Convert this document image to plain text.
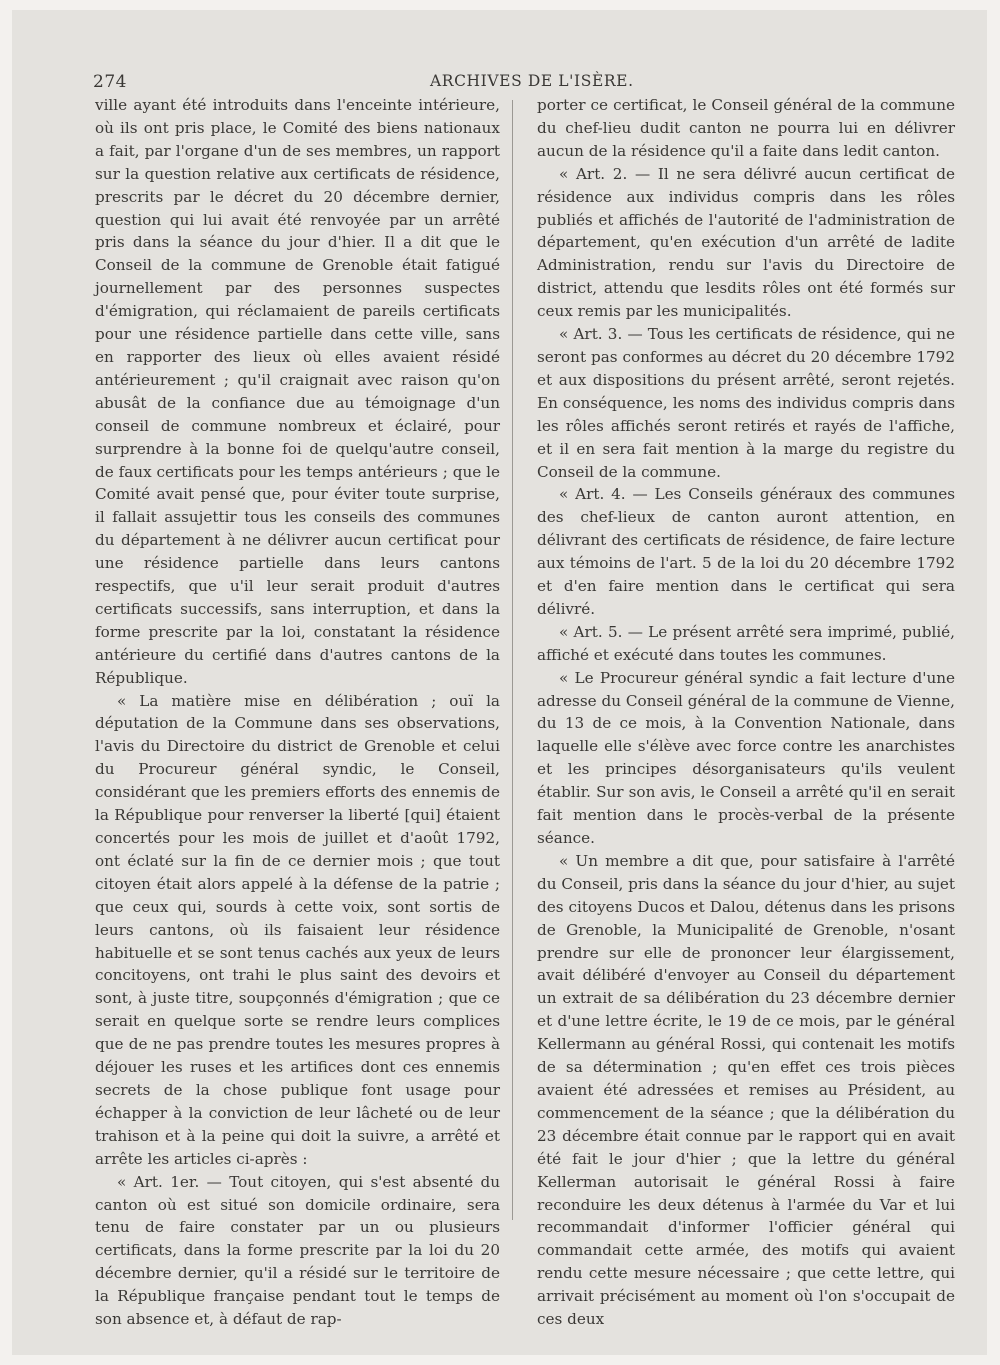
274	ARCHIVES DE L'ISÈRE.

ville ayant été introduits dans l'enceinte intérieure, où ils ont pris place, le Comité des biens nationaux a fait, par l'organe d'un de ses membres, un rapport sur la question relative aux certificats de résidence, prescrits par le décret du 20 décembre dernier, question qui lui avait été renvoyée par un arrêté pris dans la séance du jour d'hier. Il a dit que le Conseil de la commune de Grenoble était fatigué journellement par des personnes suspectes d'émigration, qui réclamaient de pareils certificats pour une résidence partielle dans cette ville, sans en rapporter des lieux où elles avaient résidé antérieurement ; qu'il craignait avec raison qu'on abusât de la confiance due au témoignage d'un conseil de commune nombreux et éclairé, pour surprendre à la bonne foi de quelqu'autre conseil, de faux certificats pour les temps antérieurs ; que le Comité avait pensé que, pour éviter toute surprise, il fallait assujettir tous les conseils des communes du département à ne délivrer aucun certificat pour une résidence partielle dans leurs cantons respectifs, que u'il leur serait produit d'autres certificats successifs, sans interruption, et dans la forme prescrite par la loi, constatant la résidence antérieure du certifié dans d'autres cantons de la République.

« La matière mise en délibération ; ouï la députation de la Commune dans ses observations, l'avis du Directoire du district de Grenoble et celui du Procureur général syndic, le Conseil, considérant que les premiers efforts des ennemis de la République pour renverser la liberté [qui] étaient concertés pour les mois de juillet et d'août 1792, ont éclaté sur la fin de ce dernier mois ; que tout citoyen était alors appelé à la défense de la patrie ; que ceux qui, sourds à cette voix, sont sortis de leurs cantons, où ils faisaient leur résidence habituelle et se sont tenus cachés aux yeux de leurs concitoyens, ont trahi le plus saint des devoirs et sont, à juste titre, soupçonnés d'émigration ; que ce serait en quelque sorte se rendre leurs complices que de ne pas prendre toutes les mesures propres à déjouer les ruses et les artifices dont ces ennemis secrets de la chose publique font usage pour échapper à la conviction de leur lâcheté ou de leur trahison et à la peine qui doit la suivre, a arrêté et arrête les articles ci-après :

« Art. 1er. — Tout citoyen, qui s'est absenté du canton où est situé son domicile ordinaire, sera tenu de faire constater par un ou plusieurs certificats, dans la forme prescrite par la loi du 20 décembre dernier, qu'il a résidé sur le territoire de la République française pendant tout le temps de son absence et, à défaut de rap-

porter ce certificat, le Conseil général de la commune du chef-lieu dudit canton ne pourra lui en délivrer aucun de la résidence qu'il a faite dans ledit canton.

« Art. 2. — Il ne sera délivré aucun certificat de résidence aux individus compris dans les rôles publiés et affichés de l'autorité de l'administration de département, qu'en exécution d'un arrêté de ladite Administration, rendu sur l'avis du Directoire de district, attendu que lesdits rôles ont été formés sur ceux remis par les municipalités.

« Art. 3. — Tous les certificats de résidence, qui ne seront pas conformes au décret du 20 décembre 1792 et aux dispositions du présent arrêté, seront rejetés. En conséquence, les noms des individus compris dans les rôles affichés seront retirés et rayés de l'affiche, et il en sera fait mention à la marge du registre du Conseil de la commune.

« Art. 4. — Les Conseils généraux des communes des chef-lieux de canton auront attention, en délivrant des certificats de résidence, de faire lecture aux témoins de l'art. 5 de la loi du 20 décembre 1792 et d'en faire mention dans le certificat qui sera délivré.

« Art. 5. — Le présent arrêté sera imprimé, publié, affiché et exécuté dans toutes les communes.

« Le Procureur général syndic a fait lecture d'une adresse du Conseil général de la commune de Vienne, du 13 de ce mois, à la Convention Nationale, dans laquelle elle s'élève avec force contre les anarchistes et les principes désorganisateurs qu'ils veulent établir. Sur son avis, le Conseil a arrêté qu'il en serait fait mention dans le procès-verbal de la présente séance.

« Un membre a dit que, pour satisfaire à l'arrêté du Conseil, pris dans la séance du jour d'hier, au sujet des citoyens Ducos et Dalou, détenus dans les prisons de Grenoble, la Municipalité de Grenoble, n'osant prendre sur elle de prononcer leur élargissement, avait délibéré d'envoyer au Conseil du département un extrait de sa délibération du 23 décembre dernier et d'une lettre écrite, le 19 de ce mois, par le général Kellermann au général Rossi, qui contenait les motifs de sa détermination ; qu'en effet ces trois pièces avaient été adressées et remises au Président, au commencement de la séance ; que la délibération du 23 décembre était connue par le rapport qui en avait été fait le jour d'hier ; que la lettre du général Kellerman autorisait le général Rossi à faire reconduire les deux détenus à l'armée du Var et lui recommandait d'informer l'officier général qui commandait cette armée, des motifs qui avaient rendu cette mesure nécessaire ; que cette lettre, qui arrivait précisément au moment où l'on s'occupait de ces deux
